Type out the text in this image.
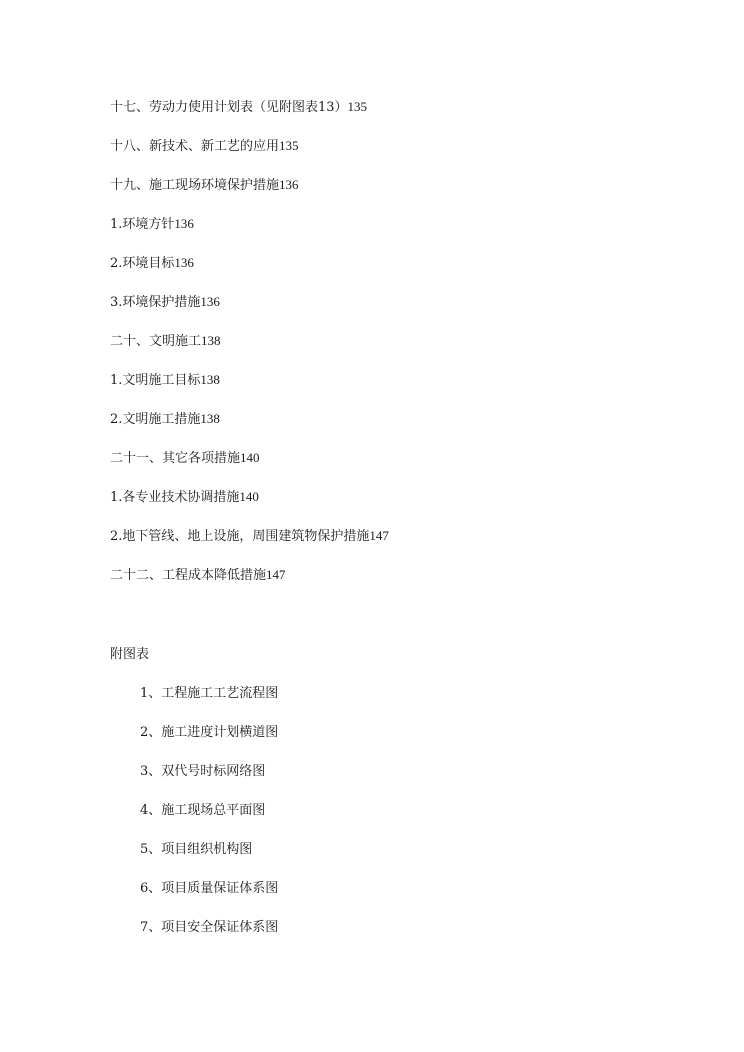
十七、劳动力使用计划表（见附图表13）135
十八、新技术、新工艺的应用135
十九、施工现场环境保护措施136
1.环境方针136
2.环境目标136
3.环境保护措施136
二十、文明施工138
1.文明施工目标138
2.文明施工措施138
二十一、其它各项措施140
1.各专业技术协调措施140
2.地下管线、地上设施，周围建筑物保护措施147
二十二、工程成本降低措施147
附图表
1、工程施工工艺流程图
2、施工进度计划横道图
3、双代号时标网络图
4、施工现场总平面图
5、项目组织机构图
6、项目质量保证体系图
7、项目安全保证体系图
